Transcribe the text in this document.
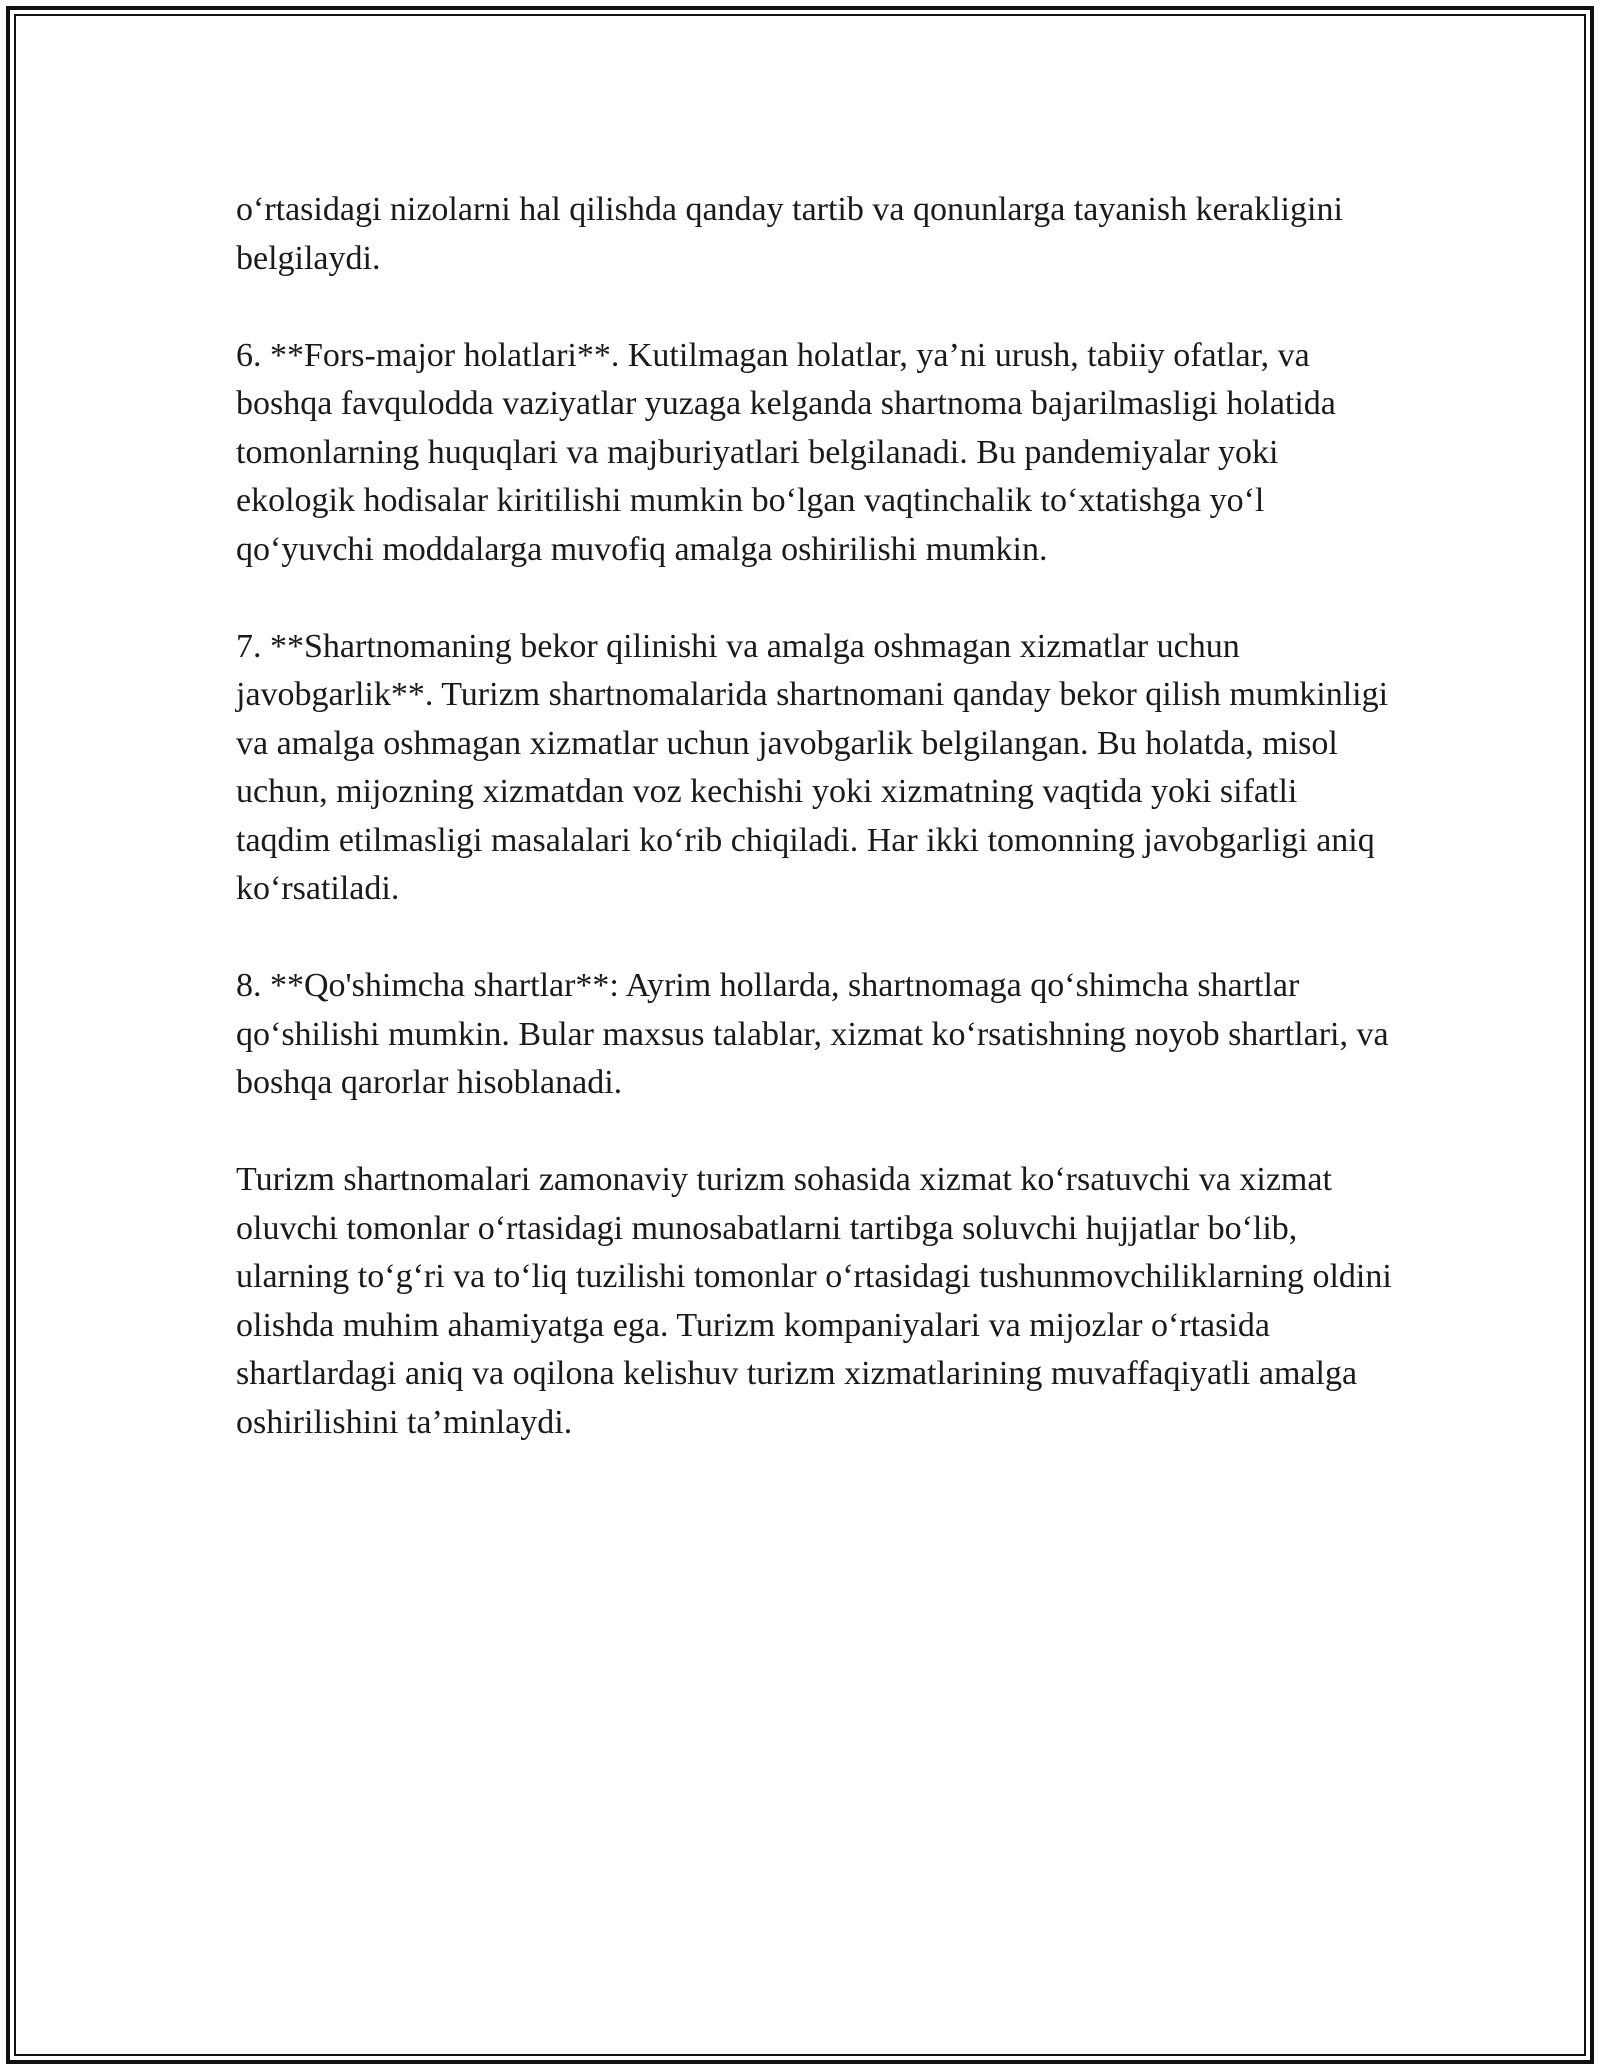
o‘rtasidagi nizolarni hal qilishda qanday tartib va qonunlarga tayanish kerakligini belgilaydi.

6. **Fors-major holatlari**. Kutilmagan holatlar, ya’ni urush, tabiiy ofatlar, va boshqa favqulodda vaziyatlar yuzaga kelganda shartnoma bajarilmasligi holatida tomonlarning huquqlari va majburiyatlari belgilanadi. Bu pandemiyalar yoki ekologik hodisalar kiritilishi mumkin bo‘lgan vaqtinchalik to‘xtatishga yo‘l qo‘yuvchi moddalarga muvofiq amalga oshirilishi mumkin.

7. **Shartnomaning bekor qilinishi va amalga oshmagan xizmatlar uchun javobgarlik**. Turizm shartnomalarida shartnomani qanday bekor qilish mumkinligi va amalga oshmagan xizmatlar uchun javobgarlik belgilangan. Bu holatda, misol uchun, mijozning xizmatdan voz kechishi yoki xizmatning vaqtida yoki sifatli taqdim etilmasligi masalalari ko‘rib chiqiladi. Har ikki tomonning javobgarligi aniq ko‘rsatiladi.

8. **Qo'shimcha shartlar**: Ayrim hollarda, shartnomaga qo‘shimcha shartlar qo‘shilishi mumkin. Bular maxsus talablar, xizmat ko‘rsatishning noyob shartlari, va boshqa qarorlar hisoblanadi.

Turizm shartnomalari zamonaviy turizm sohasida xizmat ko‘rsatuvchi va xizmat oluvchi tomonlar o‘rtasidagi munosabatlarni tartibga soluvchi hujjatlar bo‘lib, ularning to‘g‘ri va to‘liq tuzilishi tomonlar o‘rtasidagi tushunmovchiliklarning oldini olishda muhim ahamiyatga ega. Turizm kompaniyalari va mijozlar o‘rtasida shartlardagi aniq va oqilona kelishuv turizm xizmatlarining muvaffaqiyatli amalga oshirilishini ta’minlaydi.
